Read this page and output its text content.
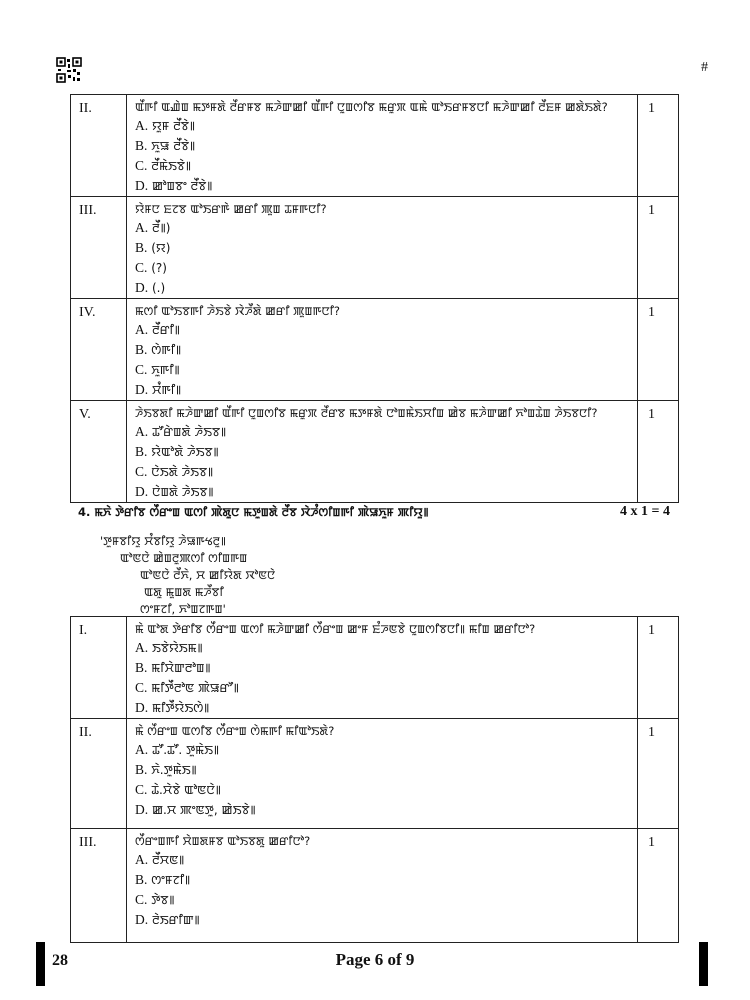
#
II.	ꯑꯩꯒꯤ ꯑꯉꯥꯡ ꯃꯇꯝꯗꯥ ꯂꯩꯔꯝꯕ ꯃꯍꯥꯛꯀꯤ ꯑꯩꯒꯤ ꯅꯨꯡꯁꯤꯕ ꯃꯔꯨꯞ ꯑꯃꯥ ꯑꯣꯏꯔꯝꯕꯅꯤ ꯃꯍꯥꯛꯀꯤ ꯂꯩꯐꯝ ꯀꯗꯥꯏꯗꯥ?
A. ꯌꯨꯝ ꯂꯩꯕꯥ꯫
B. ꯈꯨꯎ ꯂꯩꯕꯥ꯫
C. ꯂꯩꯃꯥꯏꯕꯥ꯫
D. ꯀꯣꯡꯕꯦ ꯂꯩꯕꯥ꯫	1
III.	ꯌꯥꯝꯅ ꯐꯖꯕ ꯑꯣꯏꯔꯒꯥ ꯀꯔꯤ ꯄꯨꯡ ꯊꯝꯒꯅꯤ?
A. ꯂꯩ꯫)
B. (ꯌ)
C. (?)
D. (.)	1
IV.	ꯃꯁꯤ ꯑꯣꯏꯕꯒꯤ ꯍꯥꯏꯕꯥ ꯋꯥꯍꯩꯗꯥ ꯀꯔꯤ ꯄꯨꯡꯒꯅꯤ?
A. ꯂꯩꯔꯤ꯫
B. ꯁꯥꯒꯤ꯫
C. ꯈꯨꯒꯤ꯫
D. ꯆꯪꯒꯤ꯫	1
V.	ꯍꯥꯏꯕꯗꯤ ꯃꯍꯥꯛꯀꯤ ꯑꯩꯒꯤ ꯅꯨꯡꯁꯤꯕ ꯃꯔꯨꯞ ꯂꯩꯔꯕ ꯃꯇꯝꯗꯥ ꯅꯣꯡꯃꯥꯏꯆꯤꯡ ꯀꯥꯕ ꯃꯍꯥꯛꯀꯤ ꯈꯣꯡꯊꯥꯡ ꯍꯥꯏꯕꯅꯤ?
A. ꯊꯧꯔꯥꯡꯗꯥ ꯍꯥꯏꯕ꯫
B. ꯌꯥꯑꯣꯗꯥ ꯍꯥꯏꯕ꯫
C. ꯅꯥꯏꯗꯥ ꯍꯥꯏꯕ꯫
D. ꯅꯥꯡꯗꯥ ꯍꯥꯏꯕ꯫	1
4. ꯃꯈꯥ ꯇꯥꯔꯤꯕ ꯁꯩꯔꯦꯡ ꯑꯁꯤ ꯄꯥꯗꯨꯅ ꯃꯇꯨꯡꯗꯥ ꯂꯩꯕ ꯋꯥꯍꯪꯁꯤꯡꯒꯤ ꯄꯥꯎꯈꯨꯝ ꯄꯤꯌꯨ꯫	4 x 1 = 4
'ꯇꯨꯝꯕꯤꯌꯨ ꯆꯪꯕꯤꯌꯨ ꯍꯥꯎꯒꯠꯂꯨ꯫
ꯑꯣꯟꯅꯥ ꯀꯥꯡꯂꯨꯄꯁꯤ ꯁꯤꯡꯒꯡ
ꯑꯣꯟꯅꯥ ꯂꯩꯈꯥ, ꯆ ꯀꯤꯌꯥꯗ ꯋꯣꯟꯅꯥ
ꯑꯗꯨ ꯃꯨꯡꯗ ꯃꯍꯩꯕꯤ
ꯁꯦꯝꯖꯤ, ꯈꯣꯡꯖꯒꯡ'
I.	ꯃꯥ ꯑꯣꯗ ꯇꯥꯔꯤꯕ ꯁꯩꯔꯦꯡ ꯑꯁꯤ ꯃꯍꯥꯛꯀꯤ ꯁꯩꯔꯦꯡ ꯀꯦꯝ ꯐꯪꯍꯟꯕꯥ ꯅꯨꯡꯁꯤꯕꯅꯤ꯫ ꯃꯤꯡ ꯀꯔꯤꯅꯣ?
A. ꯏꯕꯥꯌꯥꯏꯃ꯫
B. ꯃꯤꯆꯥꯛꯂꯣꯡ꯫
C. ꯃꯤꯇꯩꯂꯣꯟ ꯄꯥꯎꯔꯧ꯫
D. ꯃꯤꯇꯩꯌꯥꯏꯁꯥ꯫	1
II.	ꯃꯥ ꯁꯩꯔꯦꯡ ꯑꯁꯤꯕ ꯁꯩꯔꯦꯡ ꯁꯥꯃꯒꯤ ꯃꯤꯑꯣꯏꯗꯥ?
A. ꯊꯧ.ꯊꯧ. ꯇꯨꯃꯥꯏ꯫
B. ꯈꯥ.ꯇꯨꯃꯥꯏ꯫
C. ꯊꯥ.ꯆꯥꯕꯥ ꯑꯣꯟꯅꯥ꯫
D. ꯀ.ꯆ ꯄꯦꯟꯇꯨ, ꯀꯥꯏꯕꯥ꯫	1
III.	ꯁꯩꯔꯦꯡꯒꯤ ꯆꯥꯡꯗꯝꯕ ꯑꯣꯏꯕꯗꯨ ꯀꯔꯤꯅꯣ?
A. ꯂꯩꯆꯟ꯫
B. ꯁꯦꯝꯖꯤ꯫
C. ꯇꯥꯕ꯫
D. ꯂꯥꯏꯔꯤꯛ꯫	1
28	Page 6 of 9
